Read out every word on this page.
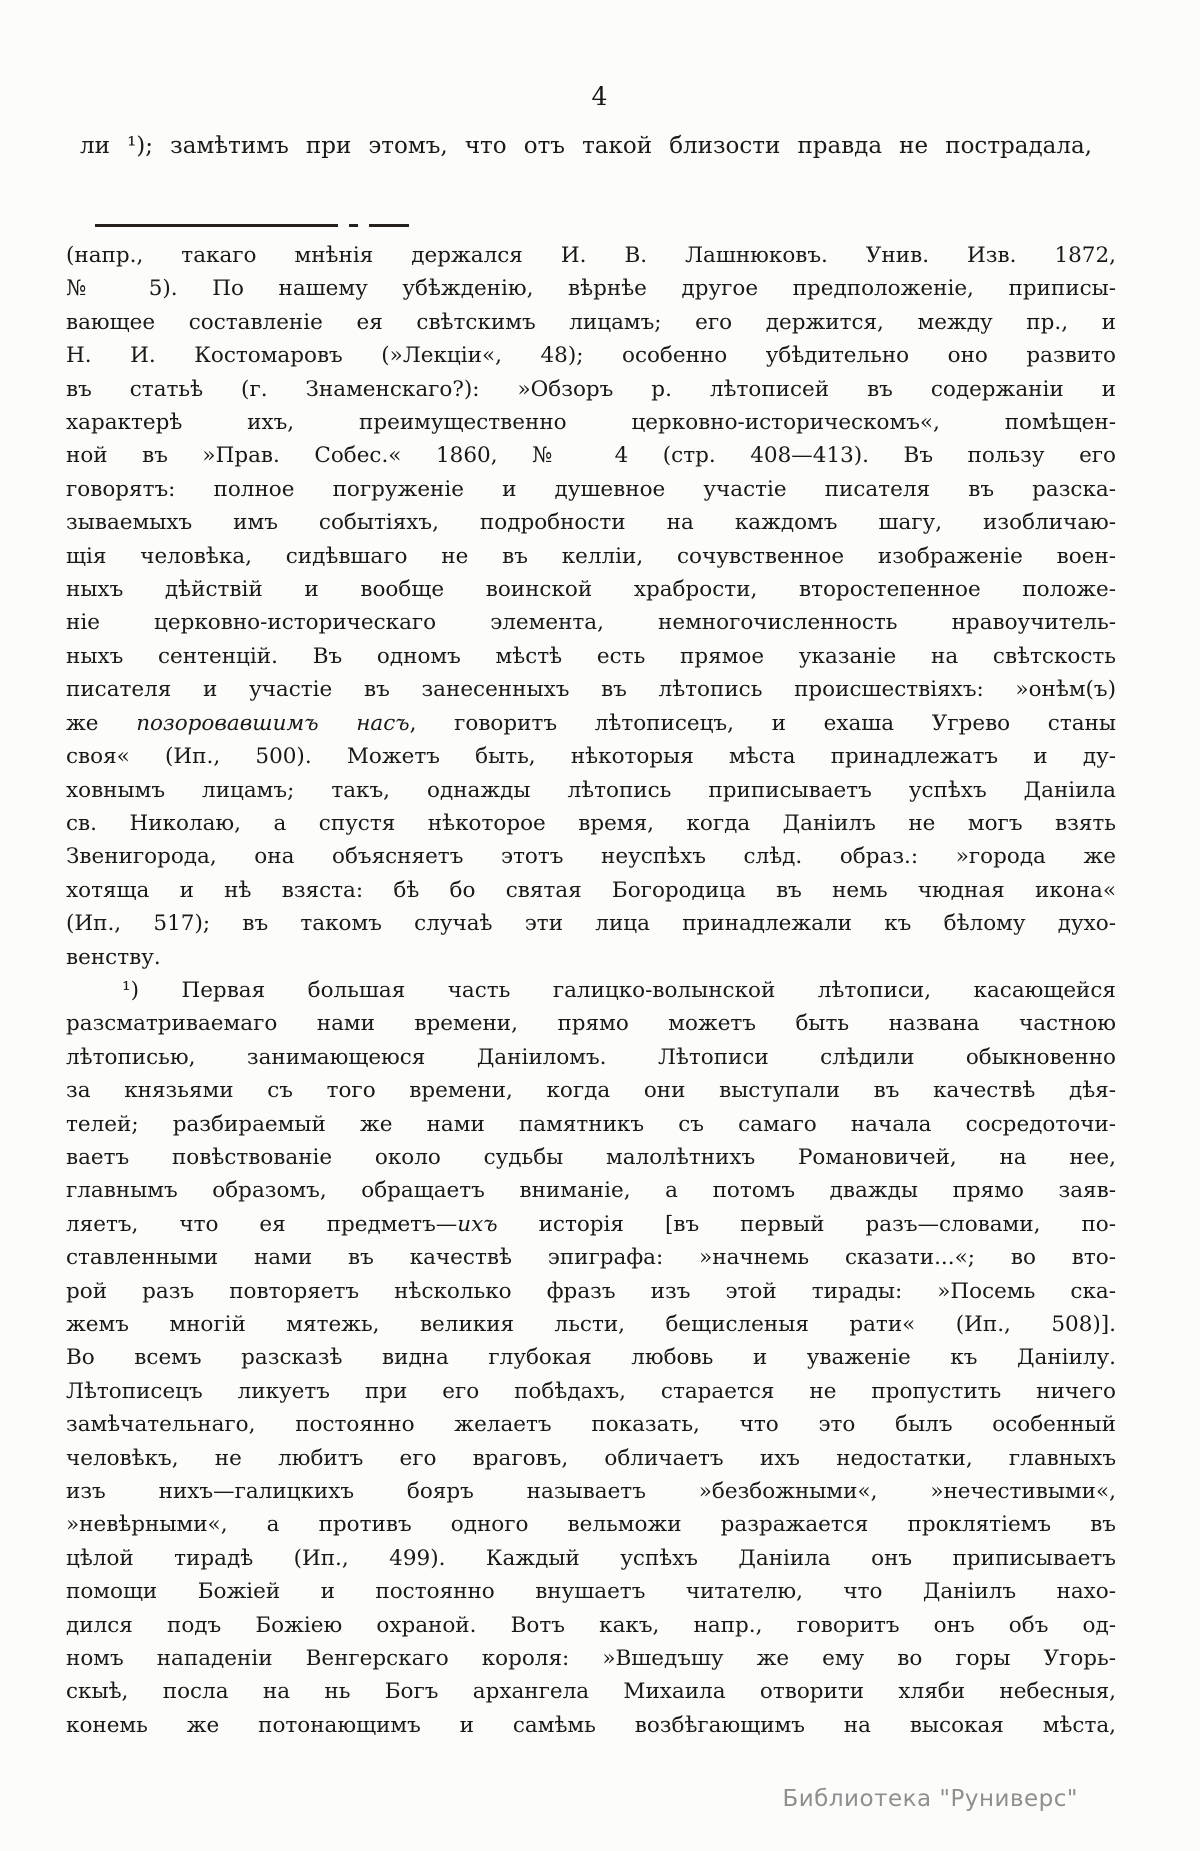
4
ли ¹); замѣтимъ при этомъ, что отъ такой близости правда не пострадала,
(напр., такаго мнѣнія держался И. В. Лашнюковъ. Унив. Изв. 1872,
№ 5). По нашему убѣжденію, вѣрнѣе другое предположеніе, приписы-
вающее составленіе ея свѣтскимъ лицамъ; его держится, между пр., и
Н. И. Костомаровъ (»Лекціи«, 48); особенно убѣдительно оно развито
въ статьѣ (г. Знаменскаго?): »Обзоръ р. лѣтописей въ содержаніи и
характерѣ ихъ, преимущественно церковно-историческомъ«, помѣщен-
ной въ »Прав. Собес.« 1860, № 4 (стр. 408—413). Въ пользу его
говорятъ: полное погруженіе и душевное участіе писателя въ разска-
зываемыхъ имъ событіяхъ, подробности на каждомъ шагу, изобличаю-
щія человѣка, сидѣвшаго не въ келліи, сочувственное изображеніе воен-
ныхъ дѣйствій и вообще воинской храбрости, второстепенное положе-
ніе церковно-историческаго элемента, немногочисленность нравоучитель-
ныхъ сентенцій. Въ одномъ мѣстѣ есть прямое указаніе на свѣтскость
писателя и участіе въ занесенныхъ въ лѣтопись происшествіяхъ: »онѣм(ъ)
же позоровавшимъ насъ, говоритъ лѣтописецъ, и ехаша Угрево станы
своя« (Ип., 500). Можетъ быть, нѣкоторыя мѣста принадлежатъ и ду-
ховнымъ лицамъ; такъ, однажды лѣтопись приписываетъ успѣхъ Даніила
св. Николаю, а спустя нѣкоторое время, когда Даніилъ не могъ взять
Звенигорода, она объясняетъ этотъ неуспѣхъ слѣд. образ.: »города же
хотяща и нѣ взяста: бѣ бо святая Богородица въ немь чюдная икона«
(Ип., 517); въ такомъ случаѣ эти лица принадлежали къ бѣлому духо-
венству.
¹) Первая большая часть галицко-волынской лѣтописи, касающейся
разсматриваемаго нами времени, прямо можетъ быть названа частною
лѣтописью, занимающеюся Даніиломъ. Лѣтописи слѣдили обыкновенно
за князьями съ того времени, когда они выступали въ качествѣ дѣя-
телей; разбираемый же нами памятникъ съ самаго начала сосредоточи-
ваетъ повѣствованіе около судьбы малолѣтнихъ Романовичей, на нее,
главнымъ образомъ, обращаетъ вниманіе, а потомъ дважды прямо заяв-
ляетъ, что ея предметъ—ихъ исторія [въ первый разъ—словами, по-
ставленными нами въ качествѣ эпиграфа: »начнемь сказати...«; во вто-
рой разъ повторяетъ нѣсколько фразъ изъ этой тирады: »Посемь ска-
жемъ многій мятежь, великия льсти, бещисленыя рати« (Ип., 508)].
Во всемъ разсказѣ видна глубокая любовь и уваженіе къ Даніилу.
Лѣтописецъ ликуетъ при его побѣдахъ, старается не пропустить ничего
замѣчательнаго, постоянно желаетъ показать, что это былъ особенный
человѣкъ, не любитъ его враговъ, обличаетъ ихъ недостатки, главныхъ
изъ нихъ—галицкихъ бояръ называетъ »безбожными«, »нечестивыми«,
»невѣрными«, а противъ одного вельможи разражается проклятіемъ въ
цѣлой тирадѣ (Ип., 499). Каждый успѣхъ Даніила онъ приписываетъ
помощи Божіей и постоянно внушаетъ читателю, что Даніилъ нахо-
дился подъ Божіею охраной. Вотъ какъ, напр., говоритъ онъ объ од-
номъ нападеніи Венгерскаго короля: »Вшедъшу же ему во горы Угорь-
скыѣ, посла на нь Богъ архангела Михаила отворити хляби небесныя,
конемь же потонающимъ и самѣмь возбѣгающимъ на высокая мѣста,
Библиотека "Руниверс"
